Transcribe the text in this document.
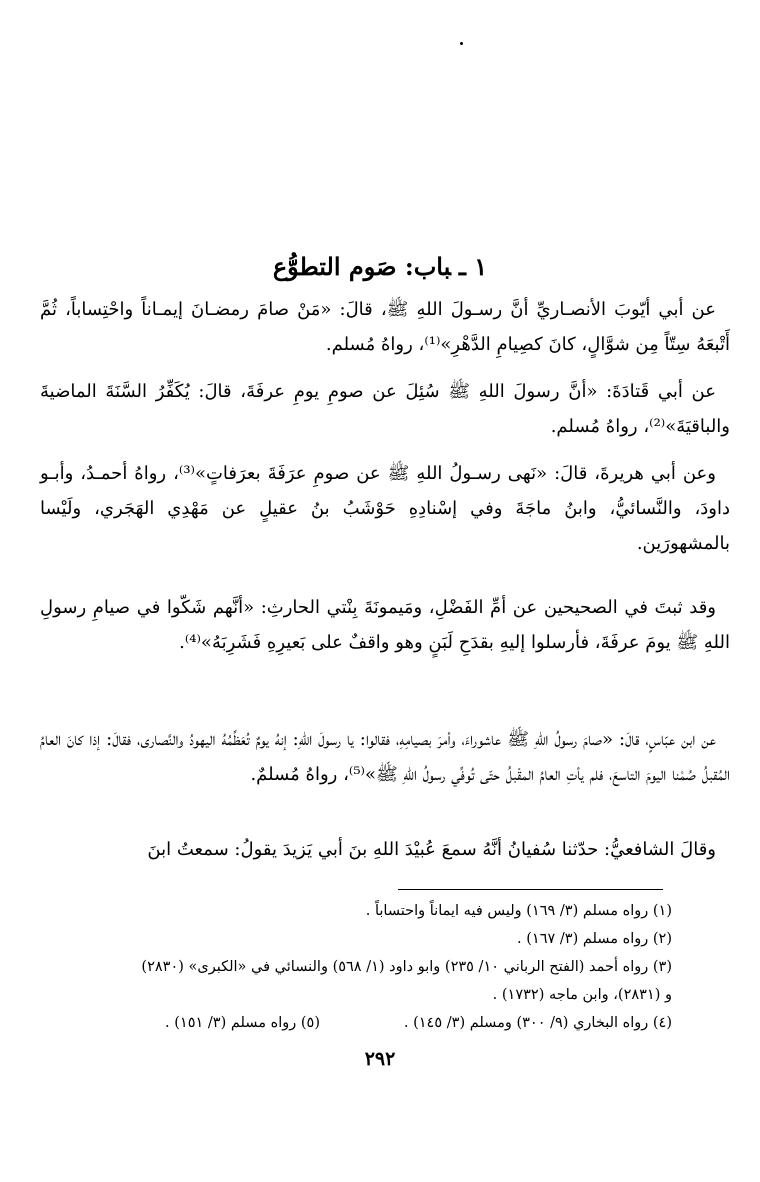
١ ـباب: صَوم التطوُّع

عن أبي أيّوبَ الأنصـاريِّ أنَّ رسـولَ اللهِ ﷺ، قالَ: «مَنْ صامَ رمضـانَ إيمـاناً واحْتِساباً، ثُمَّ أَتْبعَهُ سِتّاً مِن شوَّالٍ، كانَ كصِيامِ الدَّهْرِ»⁽¹⁾، رواهُ مُسلم.

عن أبي قَتادَةَ: «أنَّ رسولَ اللهِ ﷺ سُئِلَ عن صومِ يومِ عرفَةَ، قالَ: يُكَفِّرُ السَّنَةَ الماضيةَ والباقيَةَ»⁽²⁾، رواهُ مُسلم.

وعن أبي هريرةَ، قالَ: «نَهى رسـولُ اللهِ ﷺ عن صومِ عرَفَةَ بعرَفاتٍ»⁽³⁾، رواهُ أحمـدُ، وأبـو داودَ، والنَّسائيُّ، وابنُ ماجَةَ وفي إسْنادِهِ حَوْشَبُ بنُ عقيلٍ عن مَهْدِي الهَجَري، ولَيْسا بالمشهورَين.

وقد ثبتَ في الصحيحين عن أمِّ الفَضْلِ، ومَيمونَةَ بِنْتي الحارثِ: «أنَّهم شَكّوا في صيامِ رسولِ اللهِ ﷺ يومَ عرفَةَ، فأرسلوا إليهِ بقدَحِ لَبَنٍ وهو واقفٌ على بَعيرِهِ فَشَرِبَهُ»⁽⁴⁾.

عن ابن عبّاسٍ، قالَ: «صامَ رسولُ اللهِ ﷺ عاشوراءَ، وأمرَ بصيامِهِ، فقالوا: يا رسولَ اللهِ: إنهُ يومٌ تُعَظِّمُهُ اليهودُ والنَّصارى، فقالَ: إذا كانَ العامُ المُقبلُ صُمْنا اليومَ التاسعَ، فلم يأتِ العامُ المقْبلُ حتّى تُوفِّي رسولُ اللهِ ﷺ»⁽⁵⁾، رواهُ مُسلمٌ.

وقالَ الشافعيُّ: حدّثنا سُفيانُ أنَّهُ سمعَ عُبيْدَ اللهِ بنَ أبي يَزيدَ يقولُ: سمعتُ ابنَ

(١) رواه مسلم (٣/ ١٦٩) وليس فيه ايماناً واحتساباً .

(٢) رواه مسلم (٣/ ١٦٧) .

(٣) رواه أحمد (الفتح الرباني ١٠/ ٢٣٥) وابو داود (١/ ٥٦٨) والنسائي في «الكبرى» (٢٨٣٠)

و (٢٨٣١)، وابن ماجه (١٧٣٢) .

(٤) رواه البخاري (٩/ ٣٠٠) ومسلم (٣/ ١٤٥) .

(٥) رواه مسلم (٣/ ١٥١) .

٢٩٢
